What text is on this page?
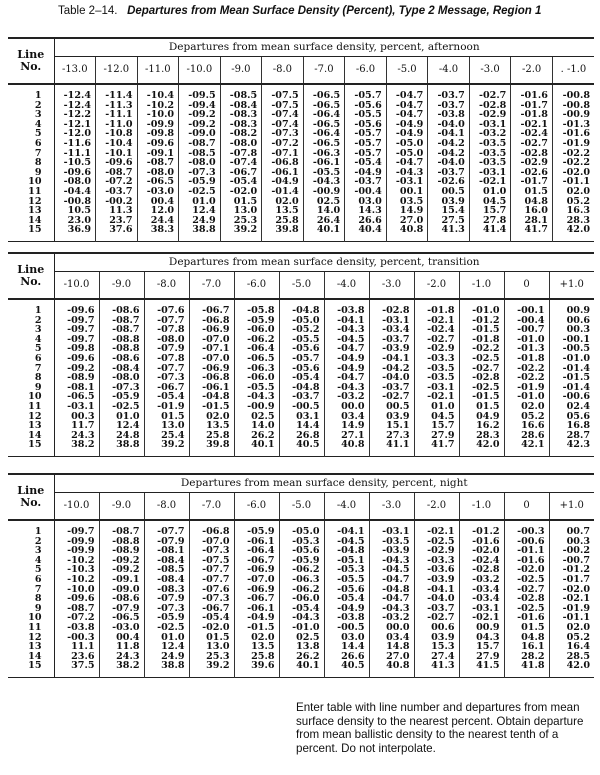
Table 2–14. Departures from Mean Surface Density (Percent), Type 2 Message, Region 1
Line
No.	Departures from mean surface density, percent, afternoon												
	-13.0	-12.0	-11.0	-10.0	-9.0	-8.0	-7.0	-6.0	-5.0	-4.0	-3.0	-2.0	. -1.0

1	-12.4	-11.4	-10.4	-09.5	-08.5	-07.5	-06.5	-05.7	-04.7	-03.7	-02.7	-01.6	-00.8
2	-12.4	-11.3	-10.2	-09.4	-08.4	-07.5	-06.5	-05.6	-04.7	-03.7	-02.8	-01.7	-00.8
3	-12.2	-11.1	-10.0	-09.2	-08.3	-07.4	-06.4	-05.5	-04.7	-03.8	-02.9	-01.8	-00.9
4	-12.1	-11.0	-09.9	-09.2	-08.3	-07.4	-06.5	-05.6	-04.9	-04.0	-03.1	-02.1	-01.3
5	-12.0	-10.8	-09.8	-09.0	-08.2	-07.3	-06.4	-05.7	-04.9	-04.1	-03.2	-02.4	-01.6
6	-11.6	-10.4	-09.6	-08.7	-08.0	-07.2	-06.5	-05.7	-05.0	-04.2	-03.5	-02.7	-01.9
7	-11.1	-10.1	-09.1	-08.5	-07.8	-07.1	-06.3	-05.7	-05.0	-04.2	-03.5	-02.8	-02.2
8	-10.5	-09.6	-08.7	-08.0	-07.4	-06.8	-06.1	-05.4	-04.7	-04.0	-03.5	-02.9	-02.2
9	-09.6	-08.7	-08.0	-07.3	-06.7	-06.1	-05.5	-04.9	-04.3	-03.7	-03.1	-02.6	-02.0
10	-08.0	-07.2	-06.5	-05.9	-05.4	-04.9	-04.3	-03.7	-03.1	-02.6	-02.1	-01.7	-01.1
11	-04.4	-03.7	-03.0	-02.5	-02.0	-01.4	-00.9	-00.4	00.1	00.5	01.0	01.5	02.0
12	-00.8	-00.2	00.4	01.0	01.5	02.0	02.5	03.0	03.5	03.9	04.5	04.8	05.2
13	10.5	11.3	12.0	12.4	13.0	13.5	14.0	14.3	14.9	15.4	15.7	16.0	16.3
14	23.0	23.7	24.4	24.9	25.3	25.8	26.4	26.6	27.0	27.5	27.8	28.1	28.3
15	36.9	37.6	38.3	38.8	39.2	39.8	40.1	40.4	40.8	41.3	41.4	41.7	42.0

Line
No.	Departures from mean surface density, percent, transition											
	-10.0	-9.0	-8.0	-7.0	-6.0	-5.0	-4.0	-3.0	-2.0	-1.0	0	+1.0

1	-09.6	-08.6	-07.6	-06.7	-05.8	-04.8	-03.8	-02.8	-01.8	-01.0	-00.1	00.9
2	-09.7	-08.7	-07.7	-06.8	-05.9	-05.0	-04.1	-03.1	-02.1	-01.2	-00.4	00.6
3	-09.7	-08.7	-07.8	-06.9	-06.0	-05.2	-04.3	-03.4	-02.4	-01.5	-00.7	00.3
4	-09.7	-08.8	-08.0	-07.0	-06.2	-05.5	-04.5	-03.7	-02.7	-01.8	-01.0	-00.1
5	-09.8	-08.8	-07.9	-07.1	-06.4	-05.6	-04.7	-03.9	-02.9	-02.2	-01.3	-00.5
6	-09.6	-08.6	-07.8	-07.0	-06.5	-05.7	-04.9	-04.1	-03.3	-02.5	-01.8	-01.0
7	-09.2	-08.4	-07.7	-06.9	-06.3	-05.6	-04.9	-04.2	-03.5	-02.7	-02.2	-01.4
8	-08.9	-08.0	-07.3	-06.8	-06.0	-05.4	-04.7	-04.0	-03.5	-02.8	-02.2	-01.5
9	-08.1	-07.3	-06.7	-06.1	-05.5	-04.8	-04.3	-03.7	-03.1	-02.5	-01.9	-01.4
10	-06.5	-05.9	-05.4	-04.8	-04.3	-03.7	-03.2	-02.7	-02.1	-01.5	-01.0	-00.6
11	-03.1	-02.5	-01.9	-01.5	-00.9	-00.5	00.0	00.5	01.0	01.5	02.0	02.4
12	00.3	01.0	01.5	02.0	02.5	03.1	03.4	03.9	04.5	04.9	05.2	05.6
13	11.7	12.4	13.0	13.5	14.0	14.4	14.9	15.1	15.7	16.2	16.6	16.8
14	24.3	24.8	25.4	25.8	26.2	26.8	27.1	27.3	27.9	28.3	28.6	28.7
15	38.2	38.8	39.2	39.8	40.1	40.5	40.8	41.1	41.7	42.0	42.1	42.3

Line
No.	Departures from mean surface density, percent, night											
	-10.0	-9.0	-8.0	-7.0	-6.0	-5.0	-4.0	-3.0	-2.0	-1.0	0	+1.0

1	-09.7	-08.7	-07.7	-06.8	-05.9	-05.0	-04.1	-03.1	-02.1	-01.2	-00.3	00.7
2	-09.9	-08.8	-07.9	-07.0	-06.1	-05.3	-04.5	-03.5	-02.5	-01.6	-00.6	00.3
3	-09.9	-08.9	-08.1	-07.3	-06.4	-05.6	-04.8	-03.9	-02.9	-02.0	-01.1	-00.2
4	-10.2	-09.2	-08.4	-07.5	-06.7	-05.9	-05.1	-04.3	-03.3	-02.4	-01.6	-00.7
5	-10.3	-09.2	-08.5	-07.7	-06.9	-06.2	-05.3	-04.5	-03.6	-02.8	-02.0	-01.2
6	-10.2	-09.1	-08.4	-07.7	-07.0	-06.3	-05.5	-04.7	-03.9	-03.2	-02.5	-01.7
7	-10.0	-09.0	-08.3	-07.6	-06.9	-06.2	-05.6	-04.8	-04.1	-03.4	-02.7	-02.0
8	-09.6	-08.6	-07.9	-07.3	-06.7	-06.0	-05.4	-04.7	-04.0	-03.4	-02.8	-02.1
9	-08.7	-07.9	-07.3	-06.7	-06.1	-05.4	-04.9	-04.3	-03.7	-03.1	-02.5	-01.9
10	-07.2	-06.5	-05.9	-05.4	-04.9	-04.3	-03.8	-03.2	-02.7	-02.1	-01.6	-01.1
11	-03.8	-03.0	-02.5	-02.0	-01.5	-01.0	-00.5	00.0	00.6	00.9	01.5	02.0
12	-00.3	00.4	01.0	01.5	02.0	02.5	03.0	03.4	03.9	04.3	04.8	05.2
13	11.1	11.8	12.4	13.0	13.5	13.8	14.4	14.8	15.3	15.7	16.1	16.4
14	23.6	24.3	24.9	25.3	25.8	26.2	26.6	27.0	27.4	27.9	28.2	28.5
15	37.5	38.2	38.8	39.2	39.6	40.1	40.5	40.8	41.3	41.5	41.8	42.0

Enter table with line number and departures from mean surface density to the nearest percent. Obtain departure from mean ballistic density to the nearest tenth of a percent. Do not interpolate.
